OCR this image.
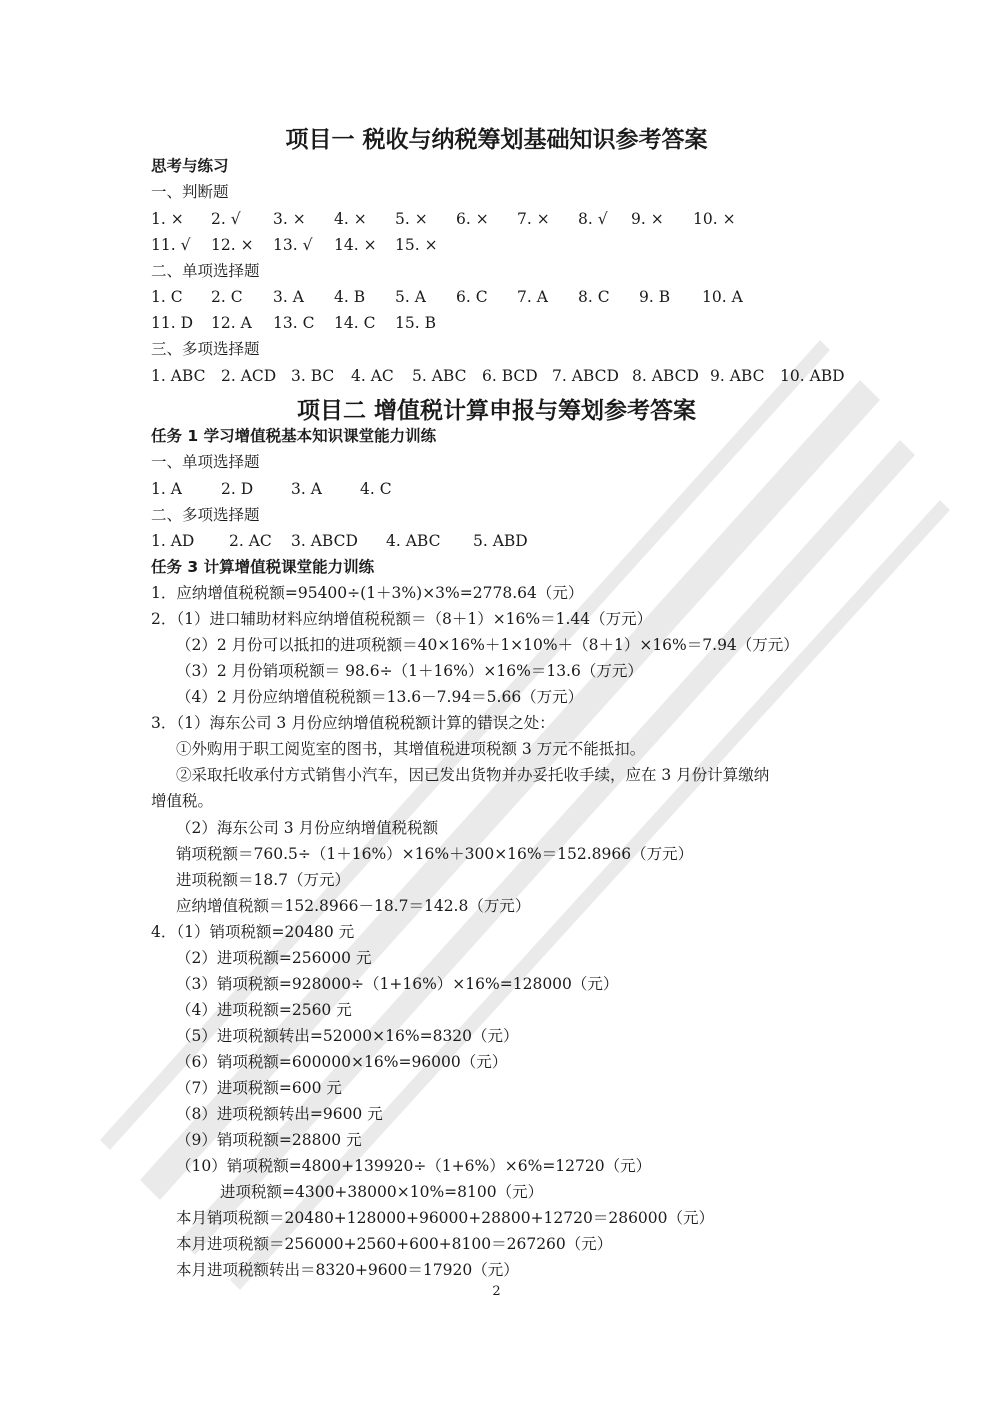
项目一 税收与纳税筹划基础知识参考答案
思考与练习
一、判断题
1. × 2. √ 3. × 4. × 5. × 6. × 7. × 8. √ 9. × 10. ×
11. √ 12. × 13. √ 14. × 15. ×
二、单项选择题
1. C 2. C 3. A 4. B 5. A 6. C 7. A 8. C 9. B 10. A
11. D 12. A 13. C 14. C 15. B
三、多项选择题
1. ABC 2. ACD 3. BC 4. AC 5. ABC 6. BCD 7. ABCD 8. ABCD 9. ABC 10. ABD
项目二 增值税计算申报与筹划参考答案
任务 1 学习增值税基本知识课堂能力训练
一、单项选择题
1. A	2. D 3. A 4. C
二、多项选择题
1. AD 2. AC 3. ABCD 4. ABC 5. ABD
任务 3 计算增值税课堂能力训练
1．应纳增值税税额=95400÷(1＋3%)×3%=2778.64（元）
2．（1）进口辅助材料应纳增值税税额＝（8＋1）×16%＝1.44（万元）
（2）2 月份可以抵扣的进项税额＝40×16%＋1×10%＋（8＋1）×16%＝7.94（万元）
（3）2 月份销项税额＝ 98.6÷（1＋16%）×16%＝13.6（万元）
（4）2 月份应纳增值税税额＝13.6－7.94＝5.66（万元）
3．（1）海东公司 3 月份应纳增值税税额计算的错误之处：
①外购用于职工阅览室的图书，其增值税进项税额 3 万元不能抵扣。
②采取托收承付方式销售小汽车，因已发出货物并办妥托收手续，应在 3 月份计算缴纳
增值税。
（2）海东公司 3 月份应纳增值税税额
销项税额＝760.5÷（1＋16%）×16%＋300×16%＝152.8966（万元）
进项税额＝18.7（万元）
应纳增值税额＝152.8966－18.7＝142.8（万元）
4．（1）销项税额=20480 元
（2）进项税额=256000 元
（3）销项税额=928000÷（1+16%）×16%=128000（元）
（4）进项税额=2560 元
（5）进项税额转出=52000×16%=8320（元）
（6）销项税额=600000×16%=96000（元）
（7）进项税额=600 元
（8）进项税额转出=9600 元
（9）销项税额=28800 元
（10）销项税额=4800+139920÷（1+6%）×6%=12720（元）
进项税额=4300+38000×10%=8100（元）
本月销项税额＝20480+128000+96000+28800+12720＝286000（元）
本月进项税额＝256000+2560+600+8100＝267260（元）
本月进项税额转出＝8320+9600＝17920（元）
2
